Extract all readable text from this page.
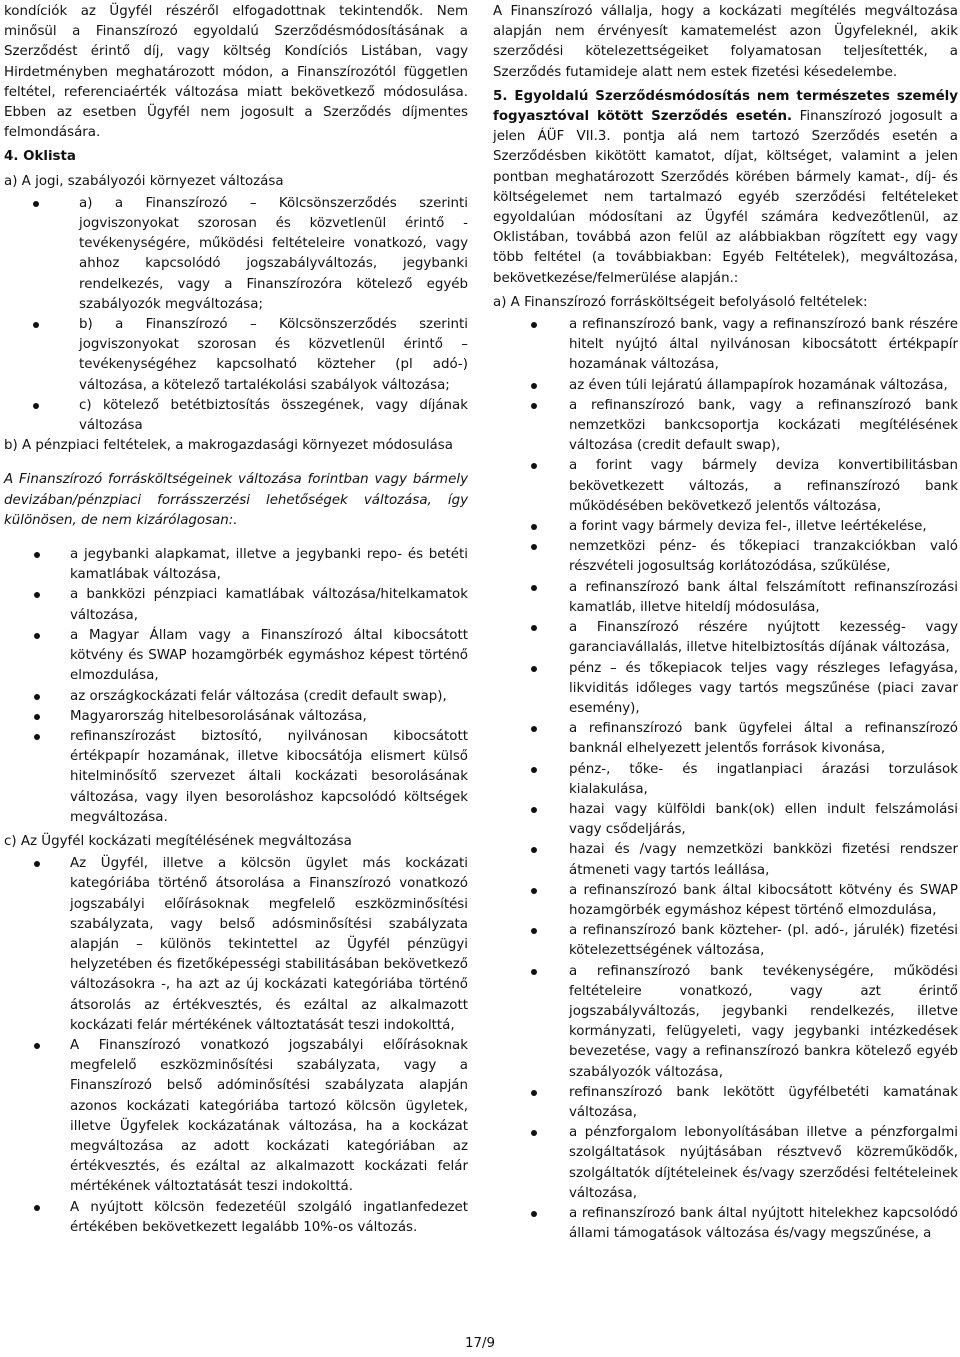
kondíciók az Ügyfél részéről elfogadottnak tekintendők. Nem minősül a Finanszírozó egyoldalú Szerződésmódosításának a Szerződést érintő díj, vagy költség Kondíciós Listában, vagy Hirdetményben meghatározott módon, a Finanszírozótól független feltétel, referenciaérték változása miatt bekövetkező módosulása. Ebben az esetben Ügyfél nem jogosult a Szerződés díjmentes felmondására.

4. Oklista

a) A jogi, szabályozói környezet változása

a) a Finanszírozó – Kölcsönszerződés szerinti jogviszonyokat szorosan és közvetlenül érintő - tevékenységére, működési feltételeire vonatkozó, vagy ahhoz kapcsolódó jogszabályváltozás, jegybanki rendelkezés, vagy a Finanszírozóra kötelező egyéb szabályozók megváltozása;
b) a Finanszírozó – Kölcsönszerződés szerinti jogviszonyokat szorosan és közvetlenül érintő – tevékenységéhez kapcsolható közteher (pl adó-) változása, a kötelező tartalékolási szabályok változása;
c) kötelező betétbiztosítás összegének, vagy díjának változása

b) A pénzpiaci feltételek, a makrogazdasági környezet módosulása

A Finanszírozó forrásköltségeinek változása forintban vagy bármely devizában/pénzpiaci forrásszerzési lehetőségek változása, így különösen, de nem kizárólagosan:.

a jegybanki alapkamat, illetve a jegybanki repo- és betéti kamatlábak változása,
a bankközi pénzpiaci kamatlábak változása/hitelkamatok változása,
a Magyar Állam vagy a Finanszírozó által kibocsátott kötvény és SWAP hozamgörbék egymáshoz képest történő elmozdulása,
az országkockázati felár változása (credit default swap),
Magyarország hitelbesorolásának változása,
refinanszírozást biztosító, nyilvánosan kibocsátott értékpapír hozamának, illetve kibocsátója elismert külső hitelminősítő szervezet általi kockázati besorolásának változása, vagy ilyen besoroláshoz kapcsolódó költségek megváltozása.

c) Az Ügyfél kockázati megítélésének megváltozása

Az Ügyfél, illetve a kölcsön ügylet más kockázati kategóriába történő átsorolása a Finanszírozó vonatkozó jogszabályi előírásoknak megfelelő eszközminősítési szabályzata, vagy belső adósminősítési szabályzata alapján – különös tekintettel az Ügyfél pénzügyi helyzetében és fizetőképességi stabilitásában bekövetkező változásokra -, ha azt az új kockázati kategóriába történő átsorolás az értékvesztés, és ezáltal az alkalmazott kockázati felár mértékének változtatását teszi indokolttá,
A Finanszírozó vonatkozó jogszabályi előírásoknak megfelelő eszközminősítési szabályzata, vagy a Finanszírozó belső adóminősítési szabályzata alapján azonos kockázati kategóriába tartozó kölcsön ügyletek, illetve Ügyfelek kockázatának változása, ha a kockázat megváltozása az adott kockázati kategóriában az értékvesztés, és ezáltal az alkalmazott kockázati felár mértékének változtatását teszi indokolttá.
A nyújtott kölcsön fedezetéül szolgáló ingatlanfedezet értékében bekövetkezett legalább 10%-os változás.

A Finanszírozó vállalja, hogy a kockázati megítélés megváltozása alapján nem érvényesít kamatemelést azon Ügyfeleknél, akik szerződési kötelezettségeiket folyamatosan teljesítették, a Szerződés futamideje alatt nem estek fizetési késedelembe.

5. Egyoldalú Szerződésmódosítás nem természetes személy fogyasztóval kötött Szerződés esetén. Finanszírozó jogosult a jelen ÁÜF VII.3. pontja alá nem tartozó Szerződés esetén a Szerződésben kikötött kamatot, díjat, költséget, valamint a jelen pontban meghatározott Szerződés körében bármely kamat-, díj- és költségelemet nem tartalmazó egyéb szerződési feltételeket egyoldalúan módosítani az Ügyfél számára kedvezőtlenül, az Oklistában, továbbá azon felül az alábbiakban rögzített egy vagy több feltétel (a továbbiakban: Egyéb Feltételek), megváltozása, bekövetkezése/felmerülése alapján.:

a) A Finanszírozó forrásköltségeit befolyásoló feltételek:

a refinanszírozó bank, vagy a refinanszírozó bank részére hitelt nyújtó által nyilvánosan kibocsátott értékpapír hozamának változása,
az éven túli lejáratú állampapírok hozamának változása,
a refinanszírozó bank, vagy a refinanszírozó bank nemzetközi bankcsoportja kockázati megítélésének változása (credit default swap),
a forint vagy bármely deviza konvertibilitásban bekövetkezett változás, a refinanszírozó bank működésében bekövetkező jelentős változása,
a forint vagy bármely deviza fel-, illetve leértékelése,
nemzetközi pénz- és tőkepiaci tranzakciókban való részvételi jogosultság korlátozódása, szűkülése,
a refinanszírozó bank által felszámított refinanszírozási kamatláb, illetve hiteldíj módosulása,
a Finanszírozó részére nyújtott kezesség- vagy garanciavállalás, illetve hitelbiztosítás díjának változása,
pénz – és tőkepiacok teljes vagy részleges lefagyása, likviditás időleges vagy tartós megszűnése (piaci zavar esemény),
a refinanszírozó bank ügyfelei által a refinanszírozó banknál elhelyezett jelentős források kivonása,
pénz-, tőke- és ingatlanpiaci árazási torzulások kialakulása,
hazai vagy külföldi bank(ok) ellen indult felszámolási vagy csődeljárás,
hazai és /vagy nemzetközi bankközi fizetési rendszer átmeneti vagy tartós leállása,
a refinanszírozó bank által kibocsátott kötvény és SWAP hozamgörbék egymáshoz képest történő elmozdulása,
a refinanszírozó bank közteher- (pl. adó-, járulék) fizetési kötelezettségének változása,
a refinanszírozó bank tevékenységére, működési feltételeire vonatkozó, vagy azt érintő jogszabályváltozás, jegybanki rendelkezés, illetve kormányzati, felügyeleti, vagy jegybanki intézkedések bevezetése, vagy a refinanszírozó bankra kötelező egyéb szabályozók változása,
refinanszírozó bank lekötött ügyfélbetéti kamatának változása,
a pénzforgalom lebonyolításában illetve a pénzforgalmi szolgáltatások nyújtásában résztvevő közreműködők, szolgáltatók díjtételeinek és/vagy szerződési feltételeinek változása,
a refinanszírozó bank által nyújtott hitelekhez kapcsolódó állami támogatások változása és/vagy megszűnése, a
17/9
